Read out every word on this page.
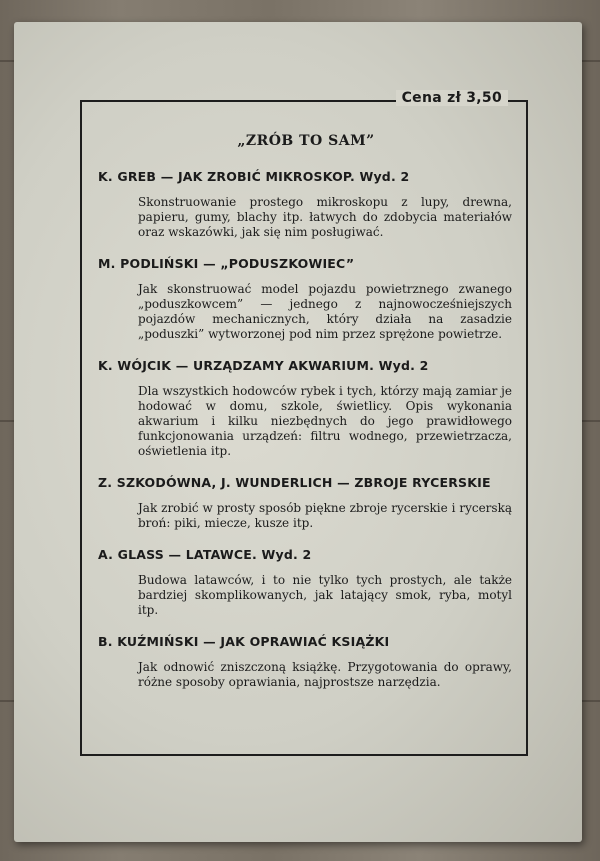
Cena zł 3,50
„ZRÓB TO SAM”
K. GREB — JAK ZROBIĆ MIKROSKOP. Wyd. 2
Skonstruowanie prostego mikroskopu z lupy, drewna, papieru, gumy, blachy itp. łatwych do zdobycia materiałów oraz wskazówki, jak się nim posługiwać.
M. PODLIŃSKI — „PODUSZKOWIEC”
Jak skonstruować model pojazdu powietrznego zwanego „poduszkowcem” — jednego z najnowocześniejszych pojazdów mechanicznych, który działa na zasadzie „poduszki” wytworzonej pod nim przez sprężone powietrze.
K. WÓJCIK — URZĄDZAMY AKWARIUM. Wyd. 2
Dla wszystkich hodowców rybek i tych, którzy mają zamiar je hodować w domu, szkole, świetlicy. Opis wykonania akwarium i kilku niezbędnych do jego prawidłowego funkcjonowania urządzeń: filtru wodnego, przewietrzacza, oświetlenia itp.
Z. SZKODÓWNA, J. WUNDERLICH — ZBROJE RYCERSKIE
Jak zrobić w prosty sposób piękne zbroje rycerskie i rycerską broń: piki, miecze, kusze itp.
A. GLASS — LATAWCE. Wyd. 2
Budowa latawców, i to nie tylko tych prostych, ale także bardziej skomplikowanych, jak latający smok, ryba, motyl itp.
B. KUŹMIŃSKI — JAK OPRAWIAĆ KSIĄŻKI
Jak odnowić zniszczoną książkę. Przygotowania do oprawy, różne sposoby oprawiania, najprostsze narzędzia.
